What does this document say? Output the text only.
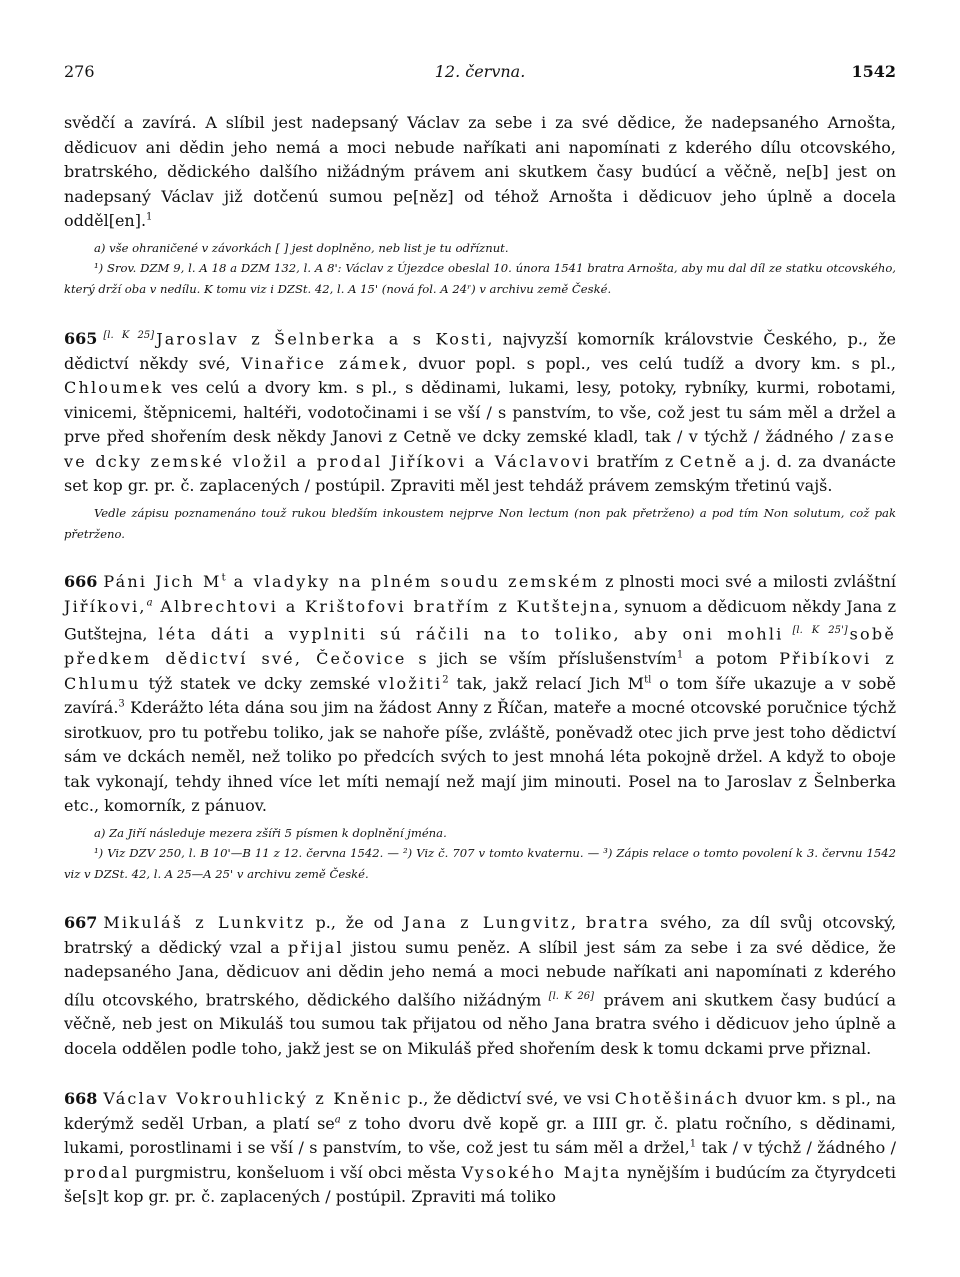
276	12. června.	1542

svědčí a zavírá. A slíbil jest nadepsaný Václav za sebe i za své dědice, že nadepsaného Arnošta, dědicuov ani dědin jeho nemá a moci nebude naříkati ani napomínati z kderého dílu otcovského, bratrského, dědického dalšího nižádným právem ani skutkem časy budúcí a věčně, ne[b] jest on nadepsaný Václav již dotčenú sumou pe[něz] od téhož Arnošta i dědicuov jeho úplně a docela odděl[en].$^1$

a) vše ohraničené v závorkách [ ] jest doplněno, neb list je tu odříznut.

¹) Srov. DZM 9, l. A 18 a DZM 132, l. A 8': Václav z Újezdce obeslal 10. února 1541 bratra Arnošta, aby mu dal díl ze statku otcovského, který drží oba v nedílu. K tomu viz i DZSt. 42, l. A 15' (nová fol. A 24ʳ) v archivu země České.

665 [l. K 25] Jaroslav z Šelnberka a s Kosti, najvyzší komorník královstvie Českého, p., že dědictví někdy své, Vinařice zámek, dvuor popl. s popl., ves celú tudíž a dvory km. s pl., Chloumek ves celú a dvory km. s pl., s dědinami, lukami, lesy, potoky, rybníky, kurmi, robotami, vinicemi, štěpnicemi, haltéři, vodotočinami i se vší / s panstvím, to vše, což jest tu sám měl a držel a prve před shořením desk někdy Janovi z Cetně ve dcky zemské kladl, tak / v týchž / žádného / zase ve dcky zemské vložil a prodal Jiříkovi a Václavovi bratřím z Cetně a j. d. za dvanácte set kop gr. pr. č. zaplacených / postúpil. Zpraviti měl jest tehdáž právem zemským třetinú vajš.

Vedle zápisu poznamenáno touž rukou bledším inkoustem nejprve Non lectum (non pak přetrženo) a pod tím Non solutum, což pak přetrženo.

666 Páni Jich $M^t$ a vladyky na plném soudu zemském z plnosti moci své a milosti zvláštní Jiříkovi,$^a$ Albrechtovi a Krištofovi bratřím z Kutštejna, synuom a dědicuom někdy Jana z Gutštejna, léta dáti a vyplniti sú ráčili na to toliko, aby oni mohli [l. K 25'] sobě předkem dědictví své, Čečovice s jich se vším příslušenstvím$^1$ a potom Přibíkovi z Chlumu týž statek ve dcky zemské vložiti$^2$ tak, jakž relací Jich $M^{tl}$ o tom šíře ukazuje a v sobě zavírá.$^3$ Kderážto léta dána sou jim na žádost Anny z Říčan, mateře a mocné otcovské poručnice týchž sirotkuov, pro tu potřebu toliko, jak se nahoře píše, zvláště, poněvadž otec jich prve jest toho dědictví sám ve dckách neměl, než toliko po předcích svých to jest mnohá léta pokojně držel. A když to oboje tak vykonají, tehdy ihned více let míti nemají než mají jim minouti. Posel na to Jaroslav z Šelnberka etc., komorník, z pánuov.

a) Za Jiří následuje mezera zšíři 5 písmen k doplnění jména.

¹) Viz DZV 250, l. B 10'—B 11 z 12. června 1542. — ²) Viz č. 707 v tomto kvaternu. — ³) Zápis relace o tomto povolení k 3. červnu 1542 viz v DZSt. 42, l. A 25—A 25' v archivu země České.

667 Mikuláš z Lunkvitz p., že od Jana z Lungvitz, bratra svého, za díl svůj otcovský, bratrský a dědický vzal a přijal jistou sumu peněz. A slíbil jest sám za sebe i za své dědice, že nadepsaného Jana, dědicuov ani dědin jeho nemá a moci nebude naříkati ani napomínati z kderého dílu otcovského, bratrského, dědického dalšího nižádným [l. K 26] právem ani skutkem časy budúcí a věčně, neb jest on Mikuláš tou sumou tak přijatou od něho Jana bratra svého i dědicuov jeho úplně a docela oddělen podle toho, jakž jest se on Mikuláš před shořením desk k tomu dckami prve přiznal.

668 Václav Vokrouhlický z Kněnic p., že dědictví své, ve vsi Chotěšinách dvuor km. s pl., na kderýmž seděl Urban, a platí $se^a$ z toho dvoru dvě kopě gr. a IIII gr. č. platu ročního, s dědinami, lukami, porostlinami i se vší / s panstvím, to vše, což jest tu sám měl a držel,$^1$ tak / v týchž / žádného / prodal purgmistru, konšeluom i vší obci města Vysokého Majta nynějším i budúcím za čtyrydceti še[s]t kop gr. pr. č. zaplacených / postúpil. Zpraviti má toliko
